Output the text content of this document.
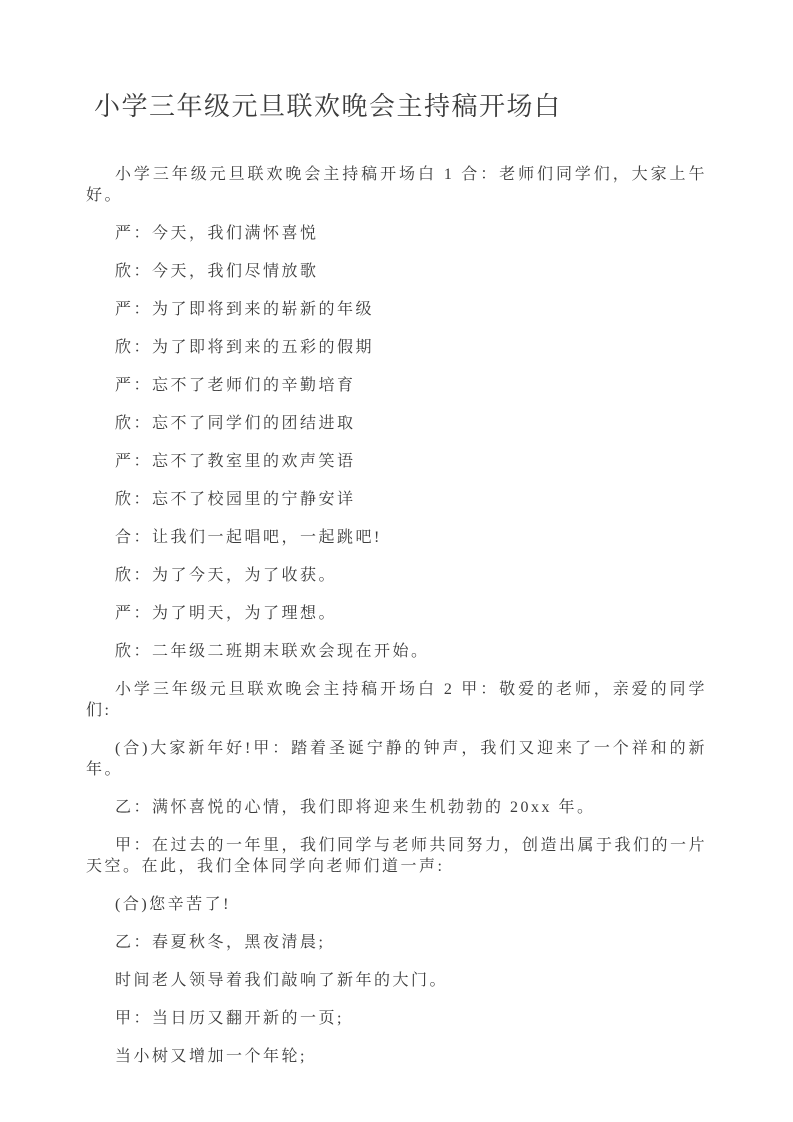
小学三年级元旦联欢晚会主持稿开场白

小学三年级元旦联欢晚会主持稿开场白 1 合：老师们同学们，大家上午好。

严：今天，我们满怀喜悦

欣：今天，我们尽情放歌

严：为了即将到来的崭新的年级

欣：为了即将到来的五彩的假期

严：忘不了老师们的辛勤培育

欣：忘不了同学们的团结进取

严：忘不了教室里的欢声笑语

欣：忘不了校园里的宁静安详

合：让我们一起唱吧，一起跳吧!

欣：为了今天，为了收获。

严：为了明天，为了理想。

欣：二年级二班期末联欢会现在开始。

小学三年级元旦联欢晚会主持稿开场白 2 甲：敬爱的老师，亲爱的同学们:

(合)大家新年好!甲：踏着圣诞宁静的钟声，我们又迎来了一个祥和的新年。

乙：满怀喜悦的心情，我们即将迎来生机勃勃的 20xx 年。

甲：在过去的一年里，我们同学与老师共同努力，创造出属于我们的一片天空。在此，我们全体同学向老师们道一声:

(合)您辛苦了!

乙：春夏秋冬，黑夜清晨;

时间老人领导着我们敲响了新年的大门。

甲：当日历又翻开新的一页;

当小树又增加一个年轮;
